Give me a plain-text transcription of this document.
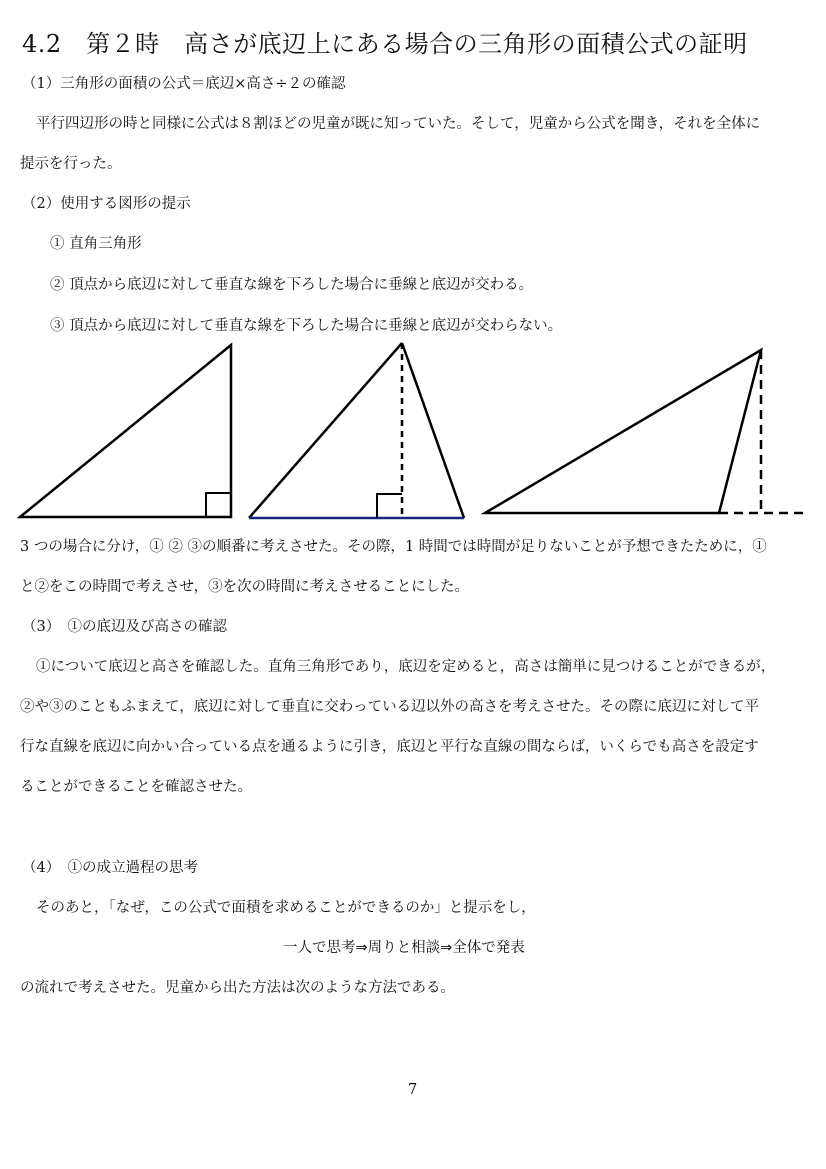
4.2　第２時　高さが底辺上にある場合の三角形の面積公式の証明
（1）三角形の面積の公式＝底辺×高さ÷２の確認
平行四辺形の時と同様に公式は８割ほどの児童が既に知っていた。そして，児童から公式を聞き，それを全体に
提示を行った。
（2）使用する図形の提示
① 直角三角形
② 頂点から底辺に対して垂直な線を下ろした場合に垂線と底辺が交わる。
③ 頂点から底辺に対して垂直な線を下ろした場合に垂線と底辺が交わらない。
3 つの場合に分け，① ② ③の順番に考えさせた。その際，1 時間では時間が足りないことが予想できたために，①
と②をこの時間で考えさせ，③を次の時間に考えさせることにした。
（3）　①の底辺及び高さの確認
①について底辺と高さを確認した。直角三角形であり，底辺を定めると，高さは簡単に見つけることができるが，
②や③のこともふまえて，底辺に対して垂直に交わっている辺以外の高さを考えさせた。その際に底辺に対して平
行な直線を底辺に向かい合っている点を通るように引き，底辺と平行な直線の間ならば，いくらでも高さを設定す
ることができることを確認させた。
（4）　①の成立過程の思考
そのあと，「なぜ，この公式で面積を求めることができるのか」と提示をし，
一人で思考⇒周りと相談⇒全体で発表
の流れで考えさせた。児童から出た方法は次のような方法である。
7
